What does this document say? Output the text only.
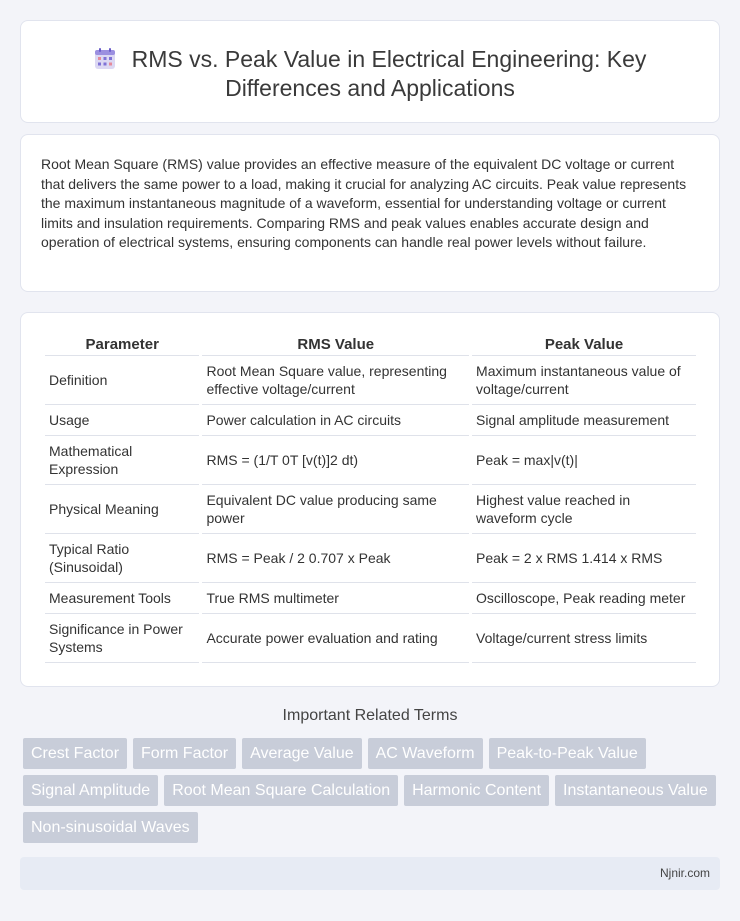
RMS vs. Peak Value in Electrical Engineering: Key
Differences and Applications

Root Mean Square (RMS) value provides an effective measure of the equivalent DC voltage or current that delivers the same power to a load, making it crucial for analyzing AC circuits. Peak value represents the maximum instantaneous magnitude of a waveform, essential for understanding voltage or current limits and insulation requirements. Comparing RMS and peak values enables accurate design and operation of electrical systems, ensuring components can handle real power levels without failure.

Parameter	RMS Value	Peak Value
Definition	Root Mean Square value, representing effective voltage/current	Maximum instantaneous value of voltage/current
Usage	Power calculation in AC circuits	Signal amplitude measurement
Mathematical Expression	RMS = (1/T 0T [v(t)]2 dt)	Peak = max|v(t)|
Physical Meaning	Equivalent DC value producing same power	Highest value reached in waveform cycle
Typical Ratio (Sinusoidal)	RMS = Peak / 2 0.707 x Peak	Peak = 2 x RMS 1.414 x RMS
Measurement Tools	True RMS multimeter	Oscilloscope, Peak reading meter
Significance in Power Systems	Accurate power evaluation and rating	Voltage/current stress limits
Important Related Terms
Crest Factor	Form Factor	Average Value	AC Waveform	Peak-to-Peak Value
Signal Amplitude	Root Mean Square Calculation	Harmonic Content	Instantaneous Value
Non-sinusoidal Waves
Njnir.com
